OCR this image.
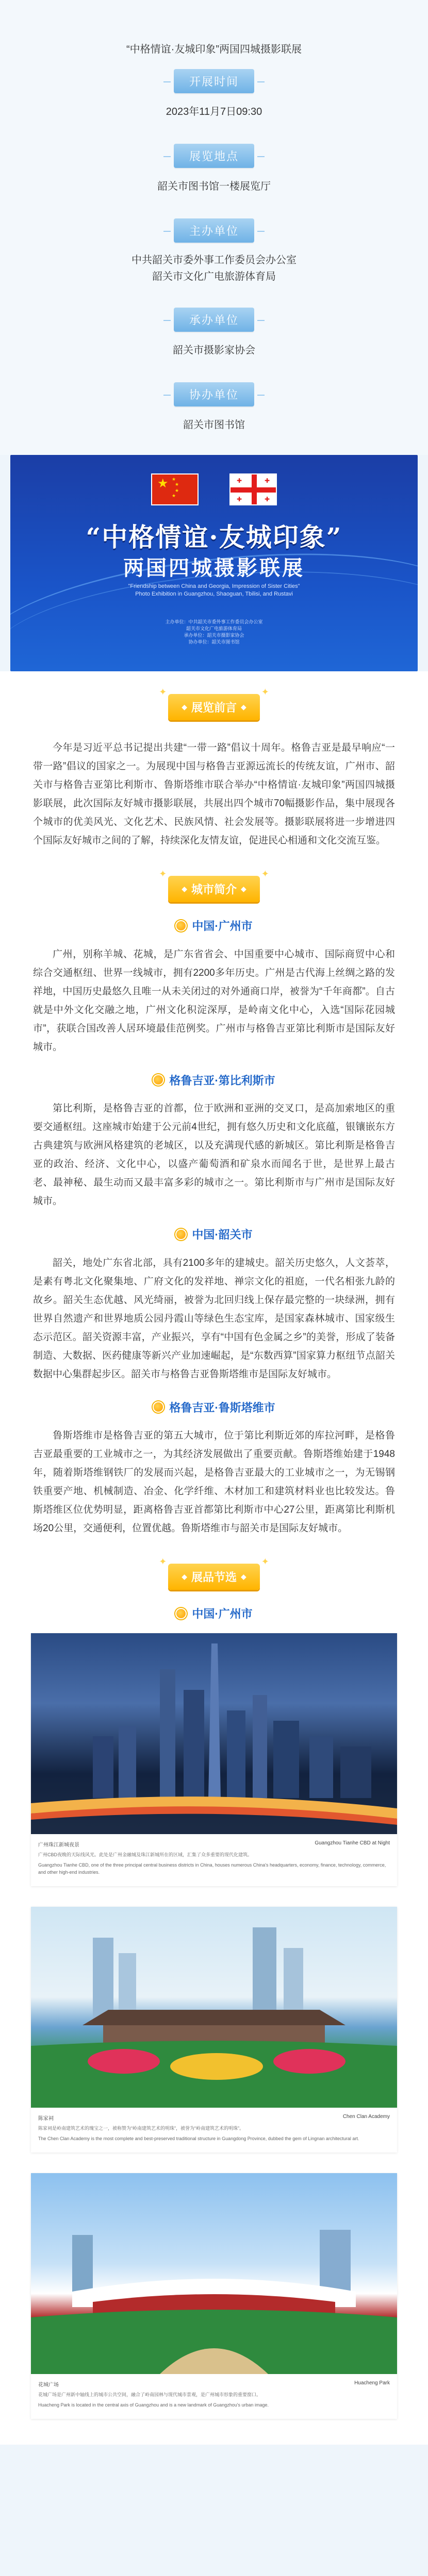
“中格情谊·友城印象”两国四城摄影联展
开展时间
2023年11月7日09:30
展览地点
韶关市图书馆一楼展览厅
主办单位
中共韶关市委外事工作委员会办公室
韶关市文化广电旅游体育局
承办单位
韶关市摄影家协会
协办单位
韶关市图书馆
★ ★
★
★
★
✚	✚
✚	✚
“中格情谊·友城印象”
两国四城摄影联展
"Friendship between China and Georgia, Impression of Sister Cities"
Photo Exhibition in Guangzhou, Shaoguan, Tbilisi, and Rustavi
主办单位：中共韶关市委外事工作委员会办公室
韶关市文化广电旅游体育局
承办单位：韶关市摄影家协会
协办单位：韶关市图书馆
✦
◆ 展览前言 ◆
✦

今年是习近平总书记提出共建“一带一路”倡议十周年。格鲁吉亚是最早响应“一带一路”倡议的国家之一。为展现中国与格鲁吉亚源远流长的传统友谊，广州市、韶关市与格鲁吉亚第比利斯市、鲁斯塔维市联合举办“中格情谊·友城印象”两国四城摄影联展，此次国际友好城市摄影联展，共展出四个城市70幅摄影作品，集中展现各个城市的优美风光、文化艺术、民族风情、社会发展等。摄影联展将进一步增进四个国际友好城市之间的了解，持续深化友情友谊，促进民心相通和文化交流互鉴。

✦
◆ 城市简介 ◆
✦
中国·广州市

广州，别称羊城、花城，是广东省省会、中国重要中心城市、国际商贸中心和综合交通枢纽、世界一线城市，拥有2200多年历史。广州是古代海上丝绸之路的发祥地，中国历史最悠久且唯一从未关闭过的对外通商口岸，被誉为“千年商都”。自古就是中外文化交融之地，广州文化积淀深厚，是岭南文化中心，入选“国际花园城市”，获联合国改善人居环境最佳范例奖。广州市与格鲁吉亚第比利斯市是国际友好城市。

格鲁吉亚·第比利斯市

第比利斯，是格鲁吉亚的首都，位于欧洲和亚洲的交叉口，是高加索地区的重要交通枢纽。这座城市始建于公元前4世纪，拥有悠久历史和文化底蕴，银镶嵌东方古典建筑与欧洲风格建筑的老城区，以及充满现代感的新城区。第比利斯是格鲁吉亚的政治、经济、文化中心，以盛产葡萄酒和矿泉水而闻名于世，是世界上最古老、最神秘、最生动而又最丰富多彩的城市之一。第比利斯市与广州市是国际友好城市。

中国·韶关市

韶关，地处广东省北部，具有2100多年的建城史。韶关历史悠久，人文荟萃，是素有粤北文化聚集地、广府文化的发祥地、禅宗文化的祖庭，一代名相张九龄的故乡。韶关生态优越、风光绮丽，被誉为北回归线上保存最完整的一块绿洲，拥有世界自然遗产和世界地质公园丹霞山等绿色生态宝库，是国家森林城市、国家级生态示范区。韶关资源丰富，产业振兴，享有“中国有色金属之乡”的美誉，形成了装备制造、大数据、医药健康等新兴产业加速崛起，是“东数西算”国家算力枢纽节点韶关数据中心集群起步区。韶关市与格鲁吉亚鲁斯塔维市是国际友好城市。

格鲁吉亚·鲁斯塔维市

鲁斯塔维市是格鲁吉亚的第五大城市，位于第比利斯近郊的库拉河畔，是格鲁吉亚最重要的工业城市之一，为其经济发展做出了重要贡献。鲁斯塔维始建于1948年，随着斯塔维钢铁厂的发展而兴起，是格鲁吉亚最大的工业城市之一，为无锡钢铁重要产地、机械制造、冶金、化学纤维、木材加工和建筑材料业也比较发达。鲁斯塔维区位优势明显，距离格鲁吉亚首都第比利斯市中心27公里，距离第比利斯机场20公里，交通便利，位置优越。鲁斯塔维市与韶关市是国际友好城市。

✦
◆ 展品节选 ◆
✦
中国·广州市
广州珠江新城夜景	Guangzhou Tianhe CBD at Night
广州CBD夜晚的天际线风光。此处是广州金融城及珠江新城所在的区域，汇集了众多重要的现代化建筑。
Guangzhou Tianhe CBD, one of the three principal central business districts in China, houses numerous China's headquarters, economy, finance, technology, commerce, and other high-end industries.
陈家祠	Chen Clan Academy
陈家祠是岭南建筑艺术的瑰宝之一，被称赞为“岭南建筑艺术的明珠”，被誉为“岭南建筑艺术的明珠”。
The Chen Clan Academy is the most complete and best-preserved traditional structure in Guangdong Province, dubbed the gem of Lingnan architectural art.
花城广场	Huacheng Park
花城广场是广州新中轴线上的城市公共空间，融合了岭南园林与现代城市景观，是广州城市形象的重要窗口。
Huacheng Park is located in the central axis of Guangzhou and is a new landmark of Guangzhou's urban image.
